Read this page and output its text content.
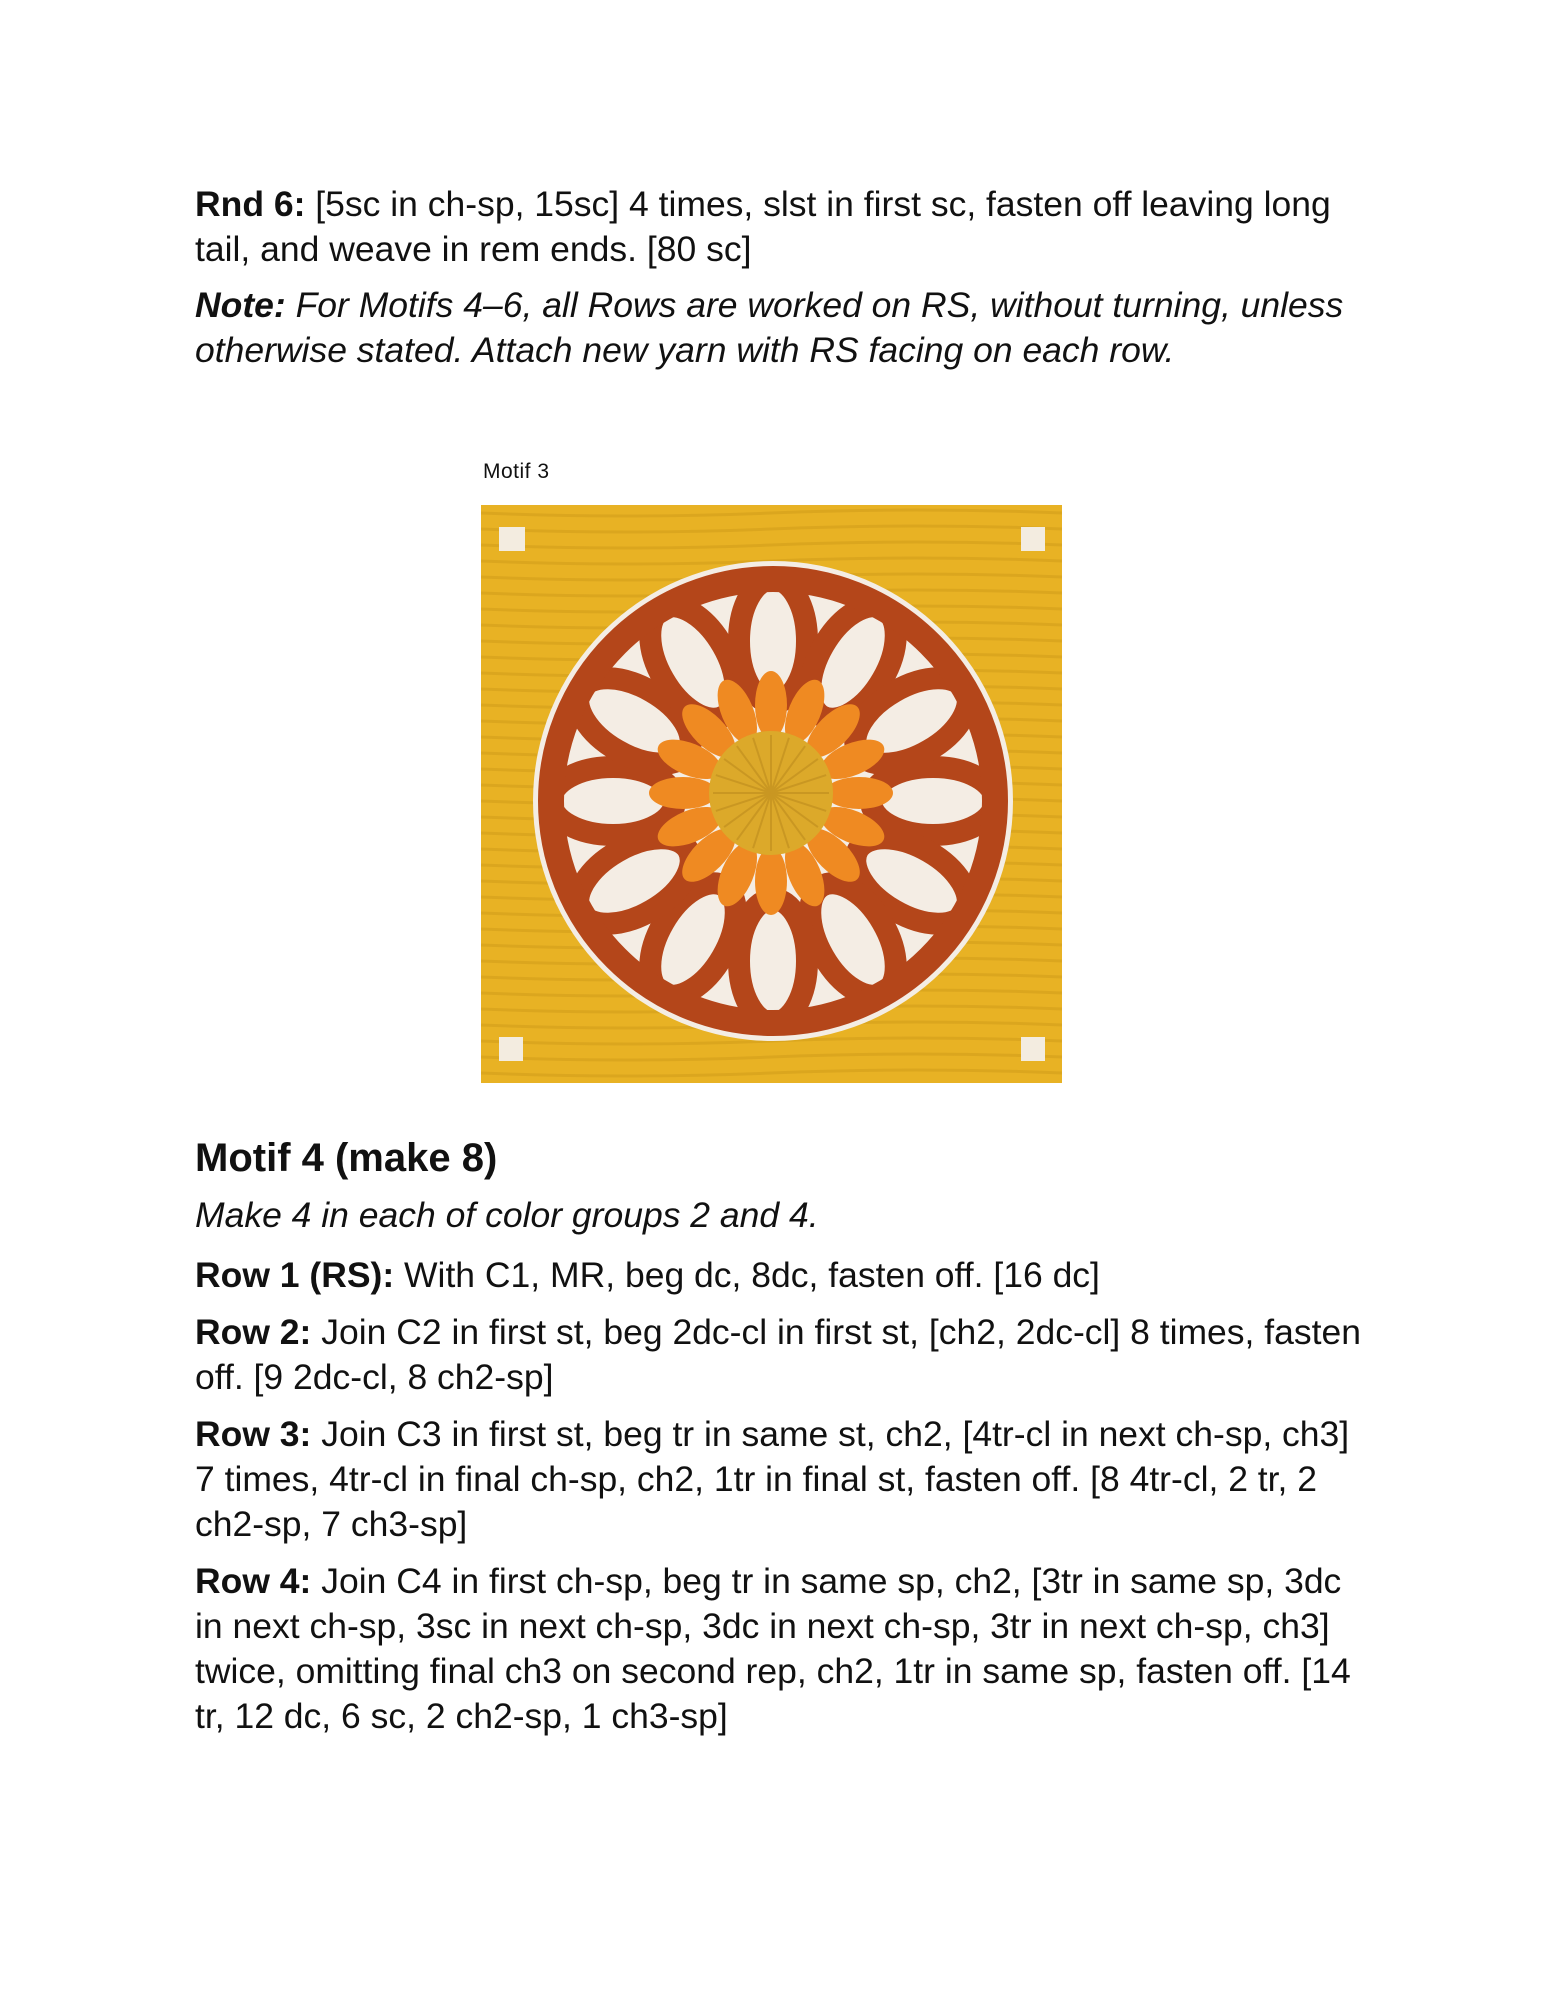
Rnd 6: [5sc in ch-sp, 15sc] 4 times, slst in first sc, fasten off leaving long tail, and weave in rem ends. [80 sc]

Note: For Motifs 4–6, all Rows are worked on RS, without turning, unless otherwise stated. Attach new yarn with RS facing on each row.

Motif 3
Motif 4 (make 8)

Make 4 in each of color groups 2 and 4.

Row 1 (RS): With C1, MR, beg dc, 8dc, fasten off. [16 dc]

Row 2: Join C2 in first st, beg 2dc-cl in first st, [ch2, 2dc-cl] 8 times, fasten off. [9 2dc-cl, 8 ch2-sp]

Row 3: Join C3 in first st, beg tr in same st, ch2, [4tr-cl in next ch-sp, ch3] 7 times, 4tr-cl in final ch-sp, ch2, 1tr in final st, fasten off. [8 4tr-cl, 2 tr, 2 ch2-sp, 7 ch3-sp]

Row 4: Join C4 in first ch-sp, beg tr in same sp, ch2, [3tr in same sp, 3dc in next ch-sp, 3sc in next ch-sp, 3dc in next ch-sp, 3tr in next ch-sp, ch3] twice, omitting final ch3 on second rep, ch2, 1tr in same sp, fasten off. [14 tr, 12 dc, 6 sc, 2 ch2-sp, 1 ch3-sp]
